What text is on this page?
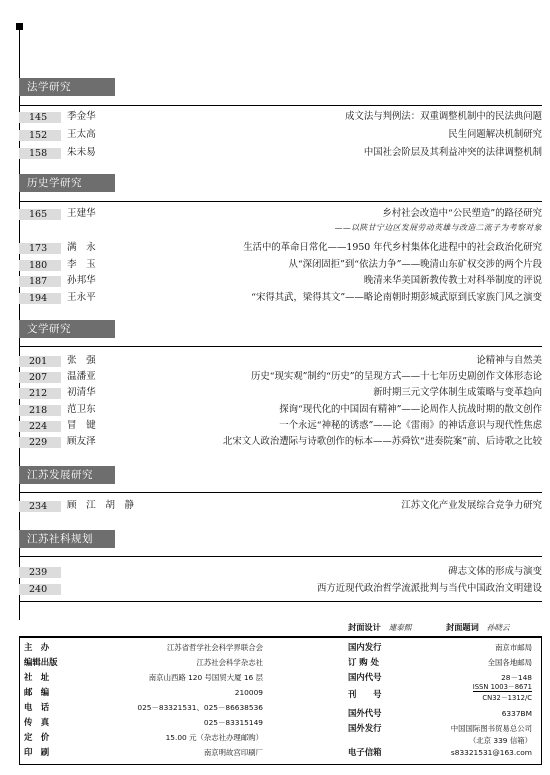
法学研究
145	季金华	成文法与判例法：双重调整机制中的民法典问题
152	王太高	民生问题解决机制研究
158	朱未易	中国社会阶层及其利益冲突的法律调整机制
历史学研究
165	王建华	乡村社会改造中“公民塑造”的路径研究
——以陕甘宁边区发展劳动英雄与改造二流子为考察对象
173	满　永	生活中的革命日常化——1950 年代乡村集体化进程中的社会政治化研究
180	李　玉	从“深闭固拒”到“依法力争”——晚清山东矿权交涉的两个片段
187	孙邦华	晚清来华美国新教传教士对科举制度的评说
194	王永平	“宋得其武，梁得其文”——略论南朝时期彭城武原到氏家族门风之演变
文学研究
201	张　强	论精神与自然美
207	温潘亚	历史“现实观”制约“历史”的呈现方式——十七年历史剧创作文体形态论
212	初清华	新时期三元文学体制生成策略与变革趋向
218	范卫东	探询“现代化的中国固有精神”——论周作人抗战时期的散文创作
224	冒　键	一个永远“神秘的诱惑”——论《雷雨》的神话意识与现代性焦虑
229	顾友泽	北宋文人政治遭际与诗歌创作的标本——苏舜钦“进奏院案”前、后诗歌之比较
江苏发展研究
234	顾　江　胡　静	江苏文化产业发展综合竞争力研究
江苏社科规划
239	碑志文体的形成与演变
240	西方近现代政治哲学流派批判与当代中国政治文明建设
封面设计 連泰熙	封面题词 孙晓云
主　办	江苏省哲学社会科学界联合会
编辑出版	江苏社会科学杂志社
社　址	南京山西路 120 号国贸大厦 16 层
邮　编	210009
电　话	025－83321531、025－86638536
传　真	025－83315149
定　价	15.00 元（杂志社办理邮购）
印　刷	南京明故宫印刷厂
国内发行	南京市邮局
订 购 处	全国各地邮局
国内代号	28－148
刊　　号
ISSN 1003－8671
CN32－1312/C
国外代号	6337BM
国外发行	中国国际图书贸易总公司
（北京 339 信箱）
电子信箱	s83321531@163.com
